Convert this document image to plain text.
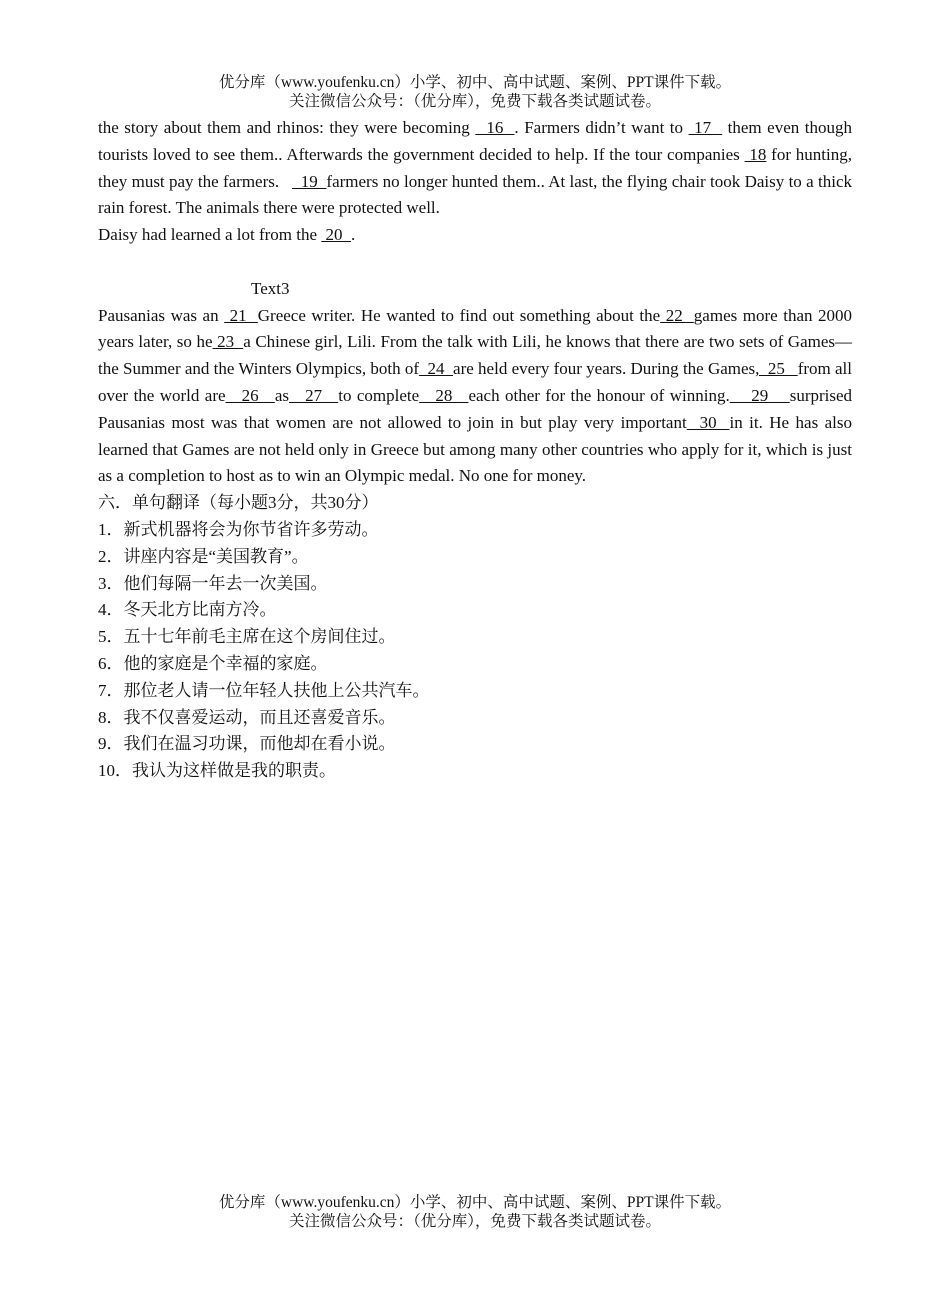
优分库（www.youfenku.cn）小学、初中、高中试题、案例、PPT课件下载。
关注微信公众号：（优分库），免费下载各类试题试卷。

the story about them and rhinos: they were becoming   16  . Farmers didn’t want to  17   them even though tourists loved to see them.. Afterwards the government decided to help. If the tour companies  18 for hunting, they must pay the farmers.     19  farmers no longer hunted them.. At last, the flying chair took Daisy to a thick rain forest. The animals there were protected well.

Daisy had learned a lot from the  20  .

Text3

Pausanias was an  21  Greece writer. He wanted to find out something about the 22  games more than 2000 years later, so he 23  a Chinese girl, Lili. From the talk with Lili, he knows that there are two sets of Games—the Summer and the Winters Olympics, both of  24  are held every four years. During the Games,  25   from all over the world are   26   as   27   to complete   28   each other for the honour of winning.    29    surprised Pausanias most was that women are not allowed to join in but play very important  30  in it. He has also learned that Games are not held only in Greece but among many other countries who apply for it, which is just as a completion to host as to win an Olympic medal. No one for money.

六．单句翻译（每小题3分，共30分）

1．新式机器将会为你节省许多劳动。

2．讲座内容是“美国教育”。

3．他们每隔一年去一次美国。

4．冬天北方比南方冷。

5．五十七年前毛主席在这个房间住过。

6．他的家庭是个幸福的家庭。

7．那位老人请一位年轻人扶他上公共汽车。

8．我不仅喜爱运动，而且还喜爱音乐。

9．我们在温习功课，而他却在看小说。

10．我认为这样做是我的职责。

优分库（www.youfenku.cn）小学、初中、高中试题、案例、PPT课件下载。
关注微信公众号：（优分库），免费下载各类试题试卷。
